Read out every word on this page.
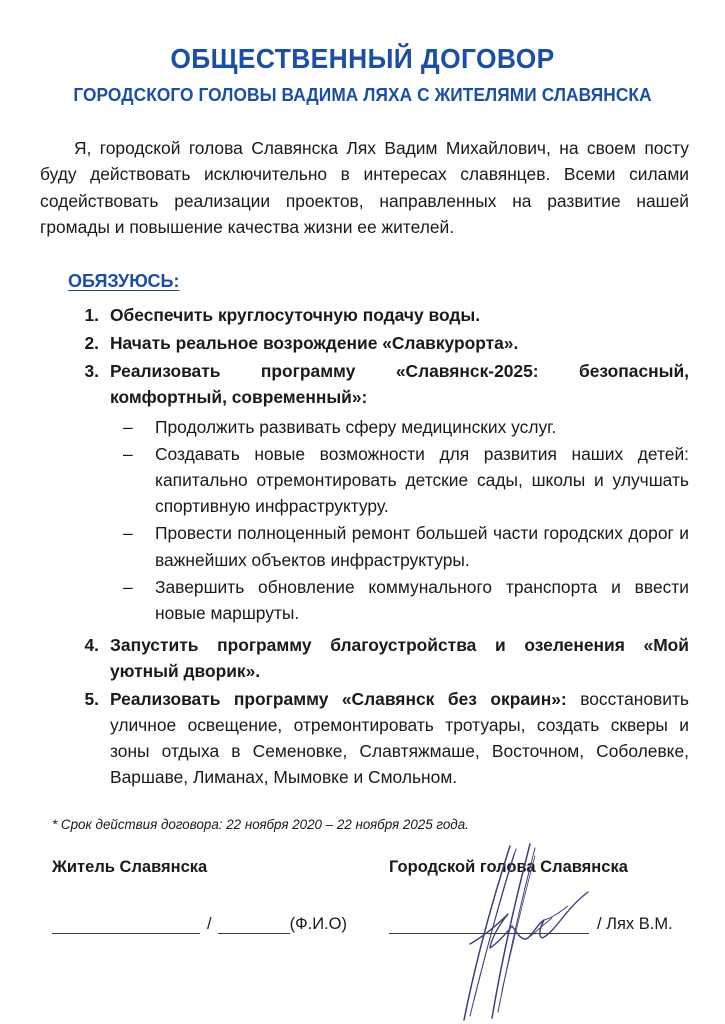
ОБЩЕСТВЕННЫЙ ДОГОВОР
ГОРОДСКОГО ГОЛОВЫ ВАДИМА ЛЯХА С ЖИТЕЛЯМИ СЛАВЯНСКА

Я, городской голова Славянска Лях Вадим Михайлович, на своем посту буду действовать исключительно в интересах славянцев. Всеми силами содействовать реализации проектов, направленных на развитие нашей громады и повышение качества жизни ее жителей.

ОБЯЗУЮСЬ:
1. Обеспечить круглосуточную подачу воды.
2. Начать реальное возрождение «Славкурорта».
3. Реализовать программу «Славянск-2025: безопасный, комфортный, современный»:
– Продолжить развивать сферу медицинских услуг.
– Создавать новые возможности для развития наших детей: капитально отремонтировать детские сады, школы и улучшать спортивную инфраструктуру.
– Провести полноценный ремонт большей части городских дорог и важнейших объектов инфраструктуры.
– Завершить обновление коммунального транспорта и ввести новые маршруты.
4. Запустить программу благоустройства и озеленения «Мой уютный дворик».
5. Реализовать программу «Славянск без окраин»: восстановить уличное освещение, отремонтировать тротуары, создать скверы и зоны отдыха в Семеновке, Славтяжмаше, Восточном, Соболевке, Варшаве, Лиманах, Мымовке и Смольном.

* Срок действия договора: 22 ноября 2020 – 22 ноября 2025 года.

Житель Славянска	Городской голова Славянска
/	(Ф.И.О)	/ Лях В.М.
